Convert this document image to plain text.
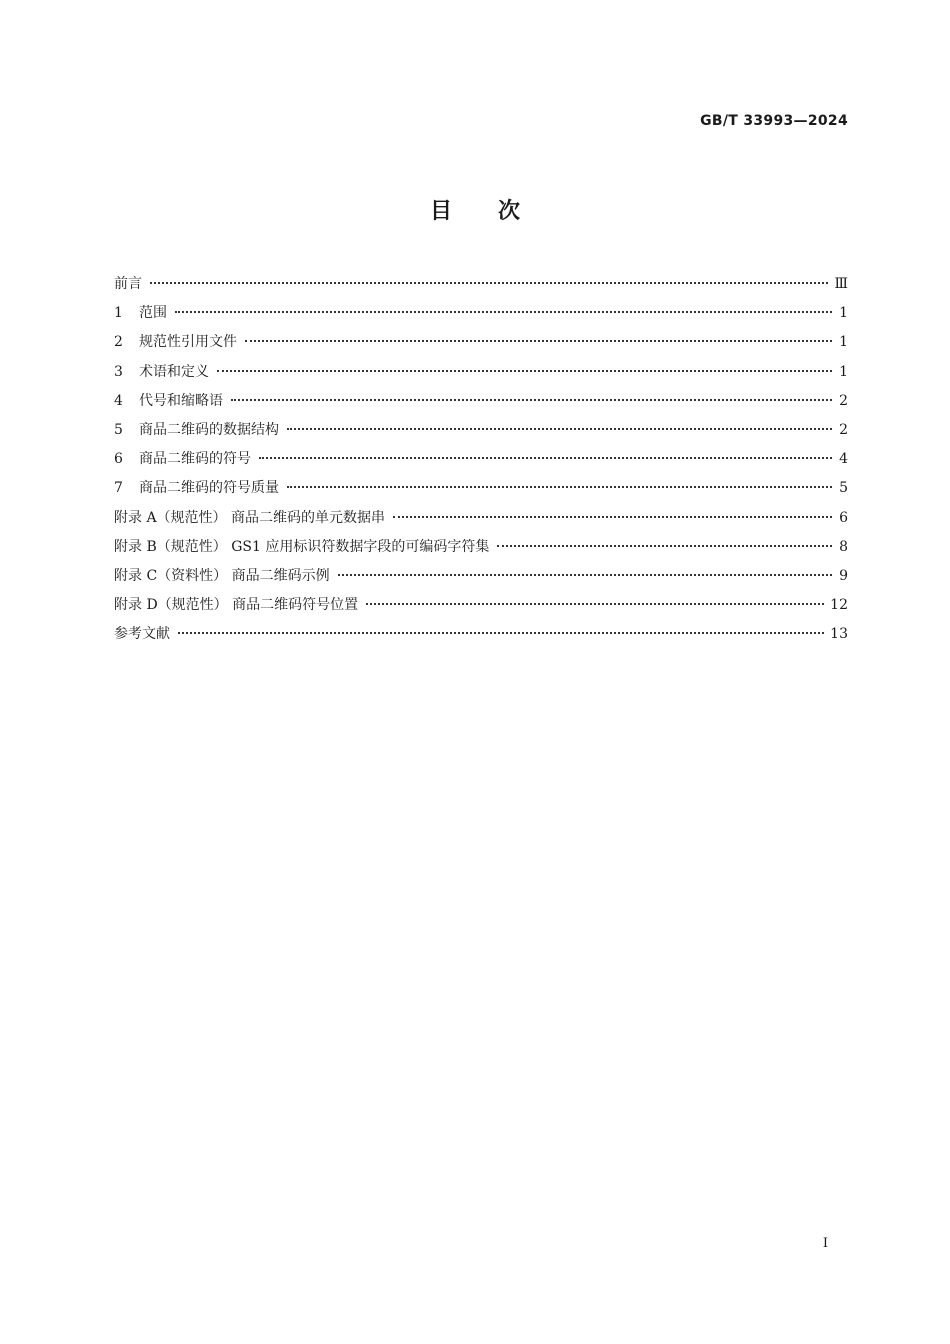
GB/T 33993—2024
目次
前言	Ⅲ
1	范围	1
2	规范性引用文件	1
3	术语和定义	1
4	代号和缩略语	2
5	商品二维码的数据结构	2
6	商品二维码的符号	4
7	商品二维码的符号质量	5
附录 A（规范性） 商品二维码的单元数据串	6
附录 B（规范性） GS1 应用标识符数据字段的可编码字符集	8
附录 C（资料性） 商品二维码示例	9
附录 D（规范性） 商品二维码符号位置	12
参考文献	13
I
